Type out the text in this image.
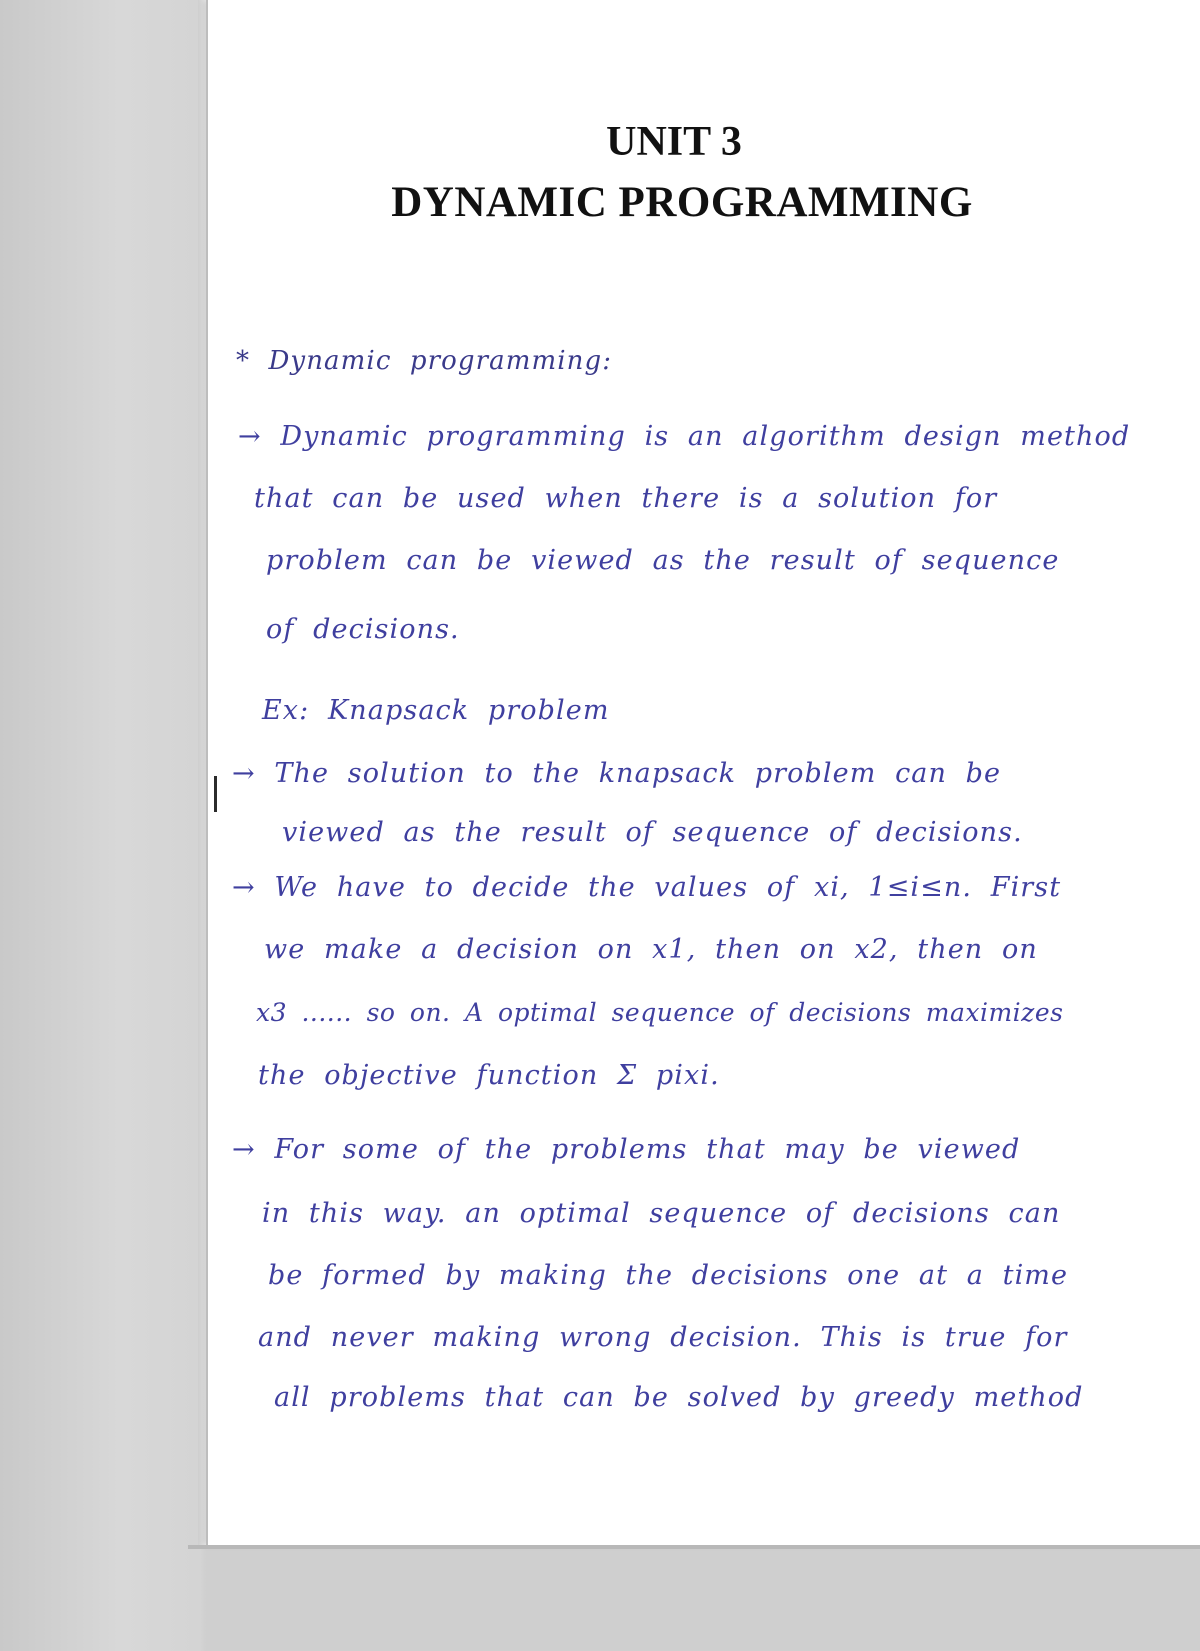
UNIT 3
DYNAMIC PROGRAMMING

* Dynamic programming:

→ Dynamic programming is an algorithm design method

that can be used when there is a solution for

problem can be viewed as the result of sequence

of decisions.

Ex: Knapsack problem

→ The solution to the knapsack problem can be

viewed as the result of sequence of decisions.

→ We have to decide the values of xi, 1≤i≤n. First

we make a decision on x1, then on x2, then on

x3 ...... so on. A optimal sequence of decisions maximizes

the objective function Σ pixi.

→ For some of the problems that may be viewed

in this way. an optimal sequence of decisions can

be formed by making the decisions one at a time

and never making wrong decision. This is true for

all problems that can be solved by greedy method
